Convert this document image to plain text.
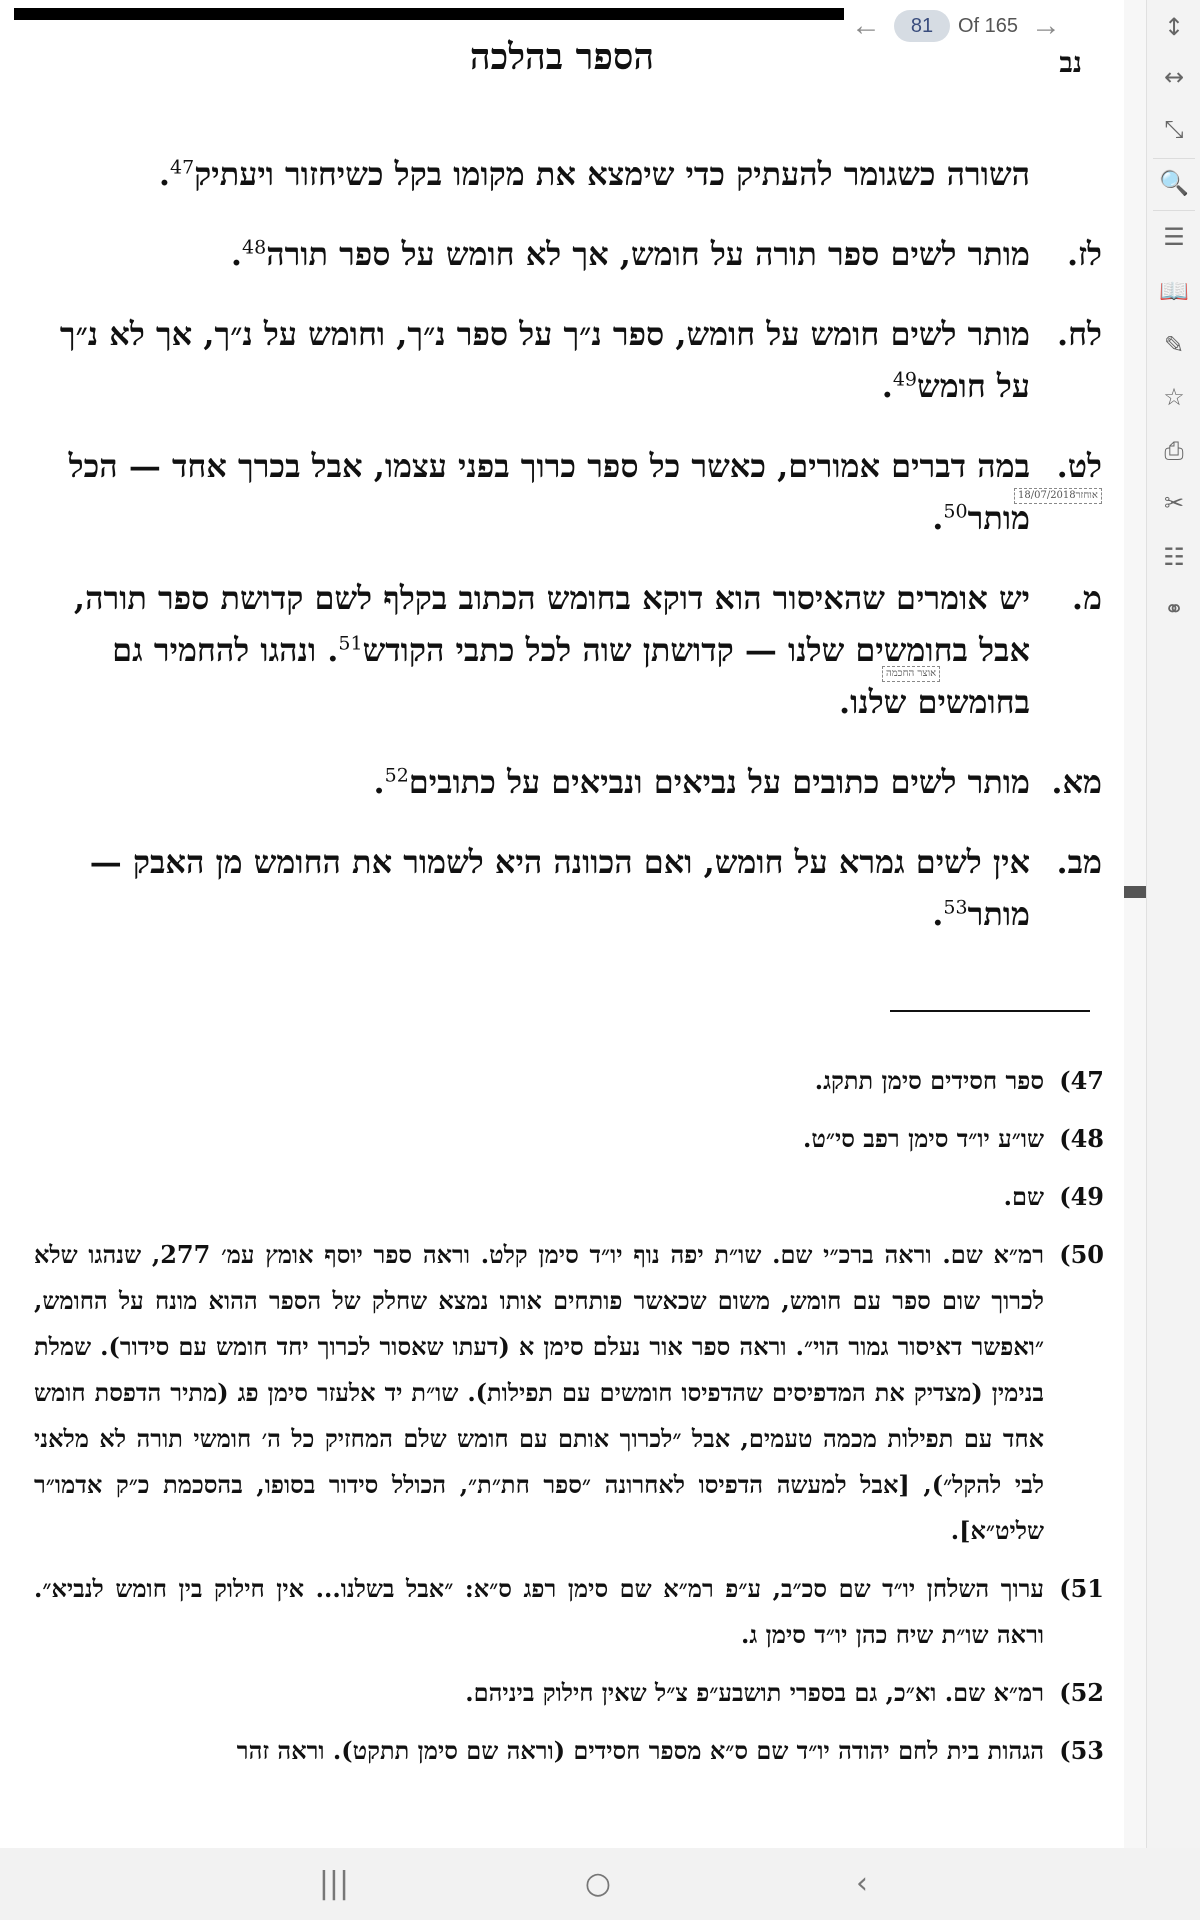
הספר בהלכה	נב

השורה כשגומר להעתיק כדי שימצא את מקומו בקל כשיחזור ויעתיק$^{47}$.

לז.
מותר לשים ספר תורה על חומש, אך לא חומש על ספר תורה$^{48}$.
לח.
מותר לשים חומש על חומש, ספר נ״ך על ספר נ״ך, וחומש על נ״ך, אך לא נ״ך על חומש$^{49}$.
לט.
במה דברים אמורים, כאשר כל ספר כרוך בפני עצמו, אבל בכרך אחד — הכל מותר$^{50}$.
מ.
יש אומרים שהאיסור הוא דוקא בחומש הכתוב בקלף לשם קדושת ספר תורה, אבל בחומשים שלנו — קדושתן שוה לכל כתבי הקודש$^{51}$. ונהגו להחמיר גם בחומשים שלנו.
מא.
מותר לשים כתובים על נביאים ונביאים על כתובים$^{52}$.
מב.
אין לשים גמרא על חומש, ואם הכוונה היא לשמור את החומש מן האבק — מותר$^{53}$.
18/07/2018אוחזר
אוצר החכמה
47)
ספר חסידים סימן תתקג.
48)
שו״ע יו״ד סימן רפב סי״ט.
49)
שם.
50)
רמ״א שם. וראה ברכ״י שם. שו״ת יפה נוף יו״ד סימן קלט. וראה ספר יוסף אומץ עמ׳ 277, שנהגו שלא לכרוך שום ספר עם חומש, משום שכאשר פותחים אותו נמצא שחלק של הספר ההוא מונח על החומש, ״ואפשר דאיסור גמור הוי״. וראה ספר אור נעלם סימן א (דעתו שאסור לכרוך יחד חומש עם סידור). שמלת בנימין (מצדיק את המדפיסים שהדפיסו חומשים עם תפילות). שו״ת יד אלעזר סימן פג (מתיר הדפסת חומש אחד עם תפילות מכמה טעמים, אבל ״לכרוך אותם עם חומש שלם המחזיק כל ה׳ חומשי תורה לא מלאני לבי להקל״), [אבל למעשה הדפיסו לאחרונה ״ספר חת״ת״, הכולל סידור בסופו, בהסכמת כ״ק אדמו״ר שליט״א].
51)
ערוך השלחן יו״ד שם סכ״ב, ע״פ רמ״א שם סימן רפג ס״א: ״אבל בשלנו... אין חילוק בין חומש לנביא״. וראה שו״ת שיח כהן יו״ד סימן ג.
52)
רמ״א שם. וא״כ, גם בספרי תושבע״פ צ״ל שאין חילוק ביניהם.
53)
הגהות בית לחם יהודה יו״ד שם ס״א מספר חסידים (וראה שם סימן תתקט). וראה זהר
←	81	Of 165 →	↕
↔
⤡
🔍
☰
📖
✎
☆
⎙
✂
☷
⚭
|||	○	‹
